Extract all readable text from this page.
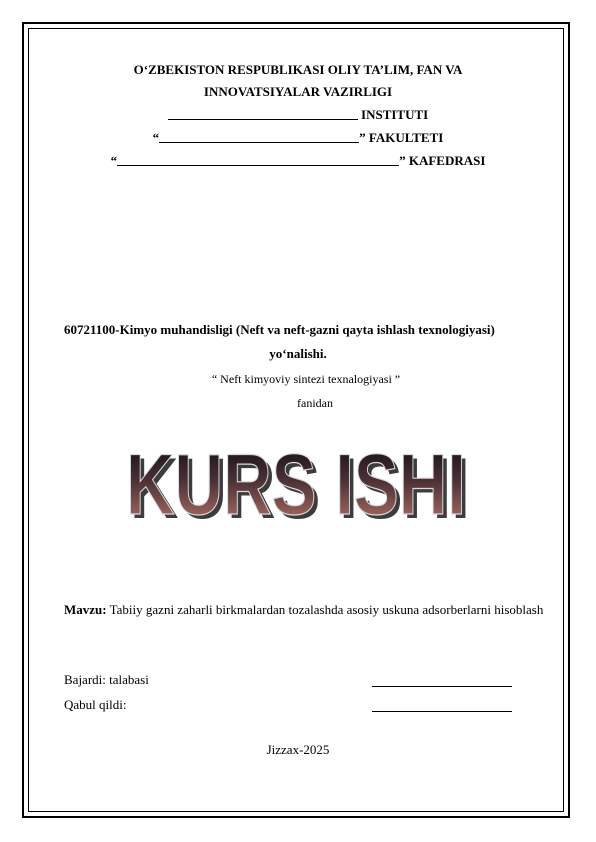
O‘ZBEKISTON RESPUBLIKASI OLIY TA’LIM, FAN VA
INNOVATSIYALAR VAZIRLIGI
INSTITUTI
“	” FAKULTETI
“	” KAFEDRASI
60721100-Kimyo muhandisligi (Neft va neft-gazni qayta ishlash texnologiyasi)
yo‘nalishi.
“ Neft kimyoviy sintezi texnalogiyasi ”
fanidan
KURS ISHI
KURS ISHI
Mavzu: Tabiiy gazni zaharli birkmalardan tozalashda asosiy uskuna adsorberlarni hisoblash
Bajardi: talabasi
Qabul qildi:
Jizzax-2025
